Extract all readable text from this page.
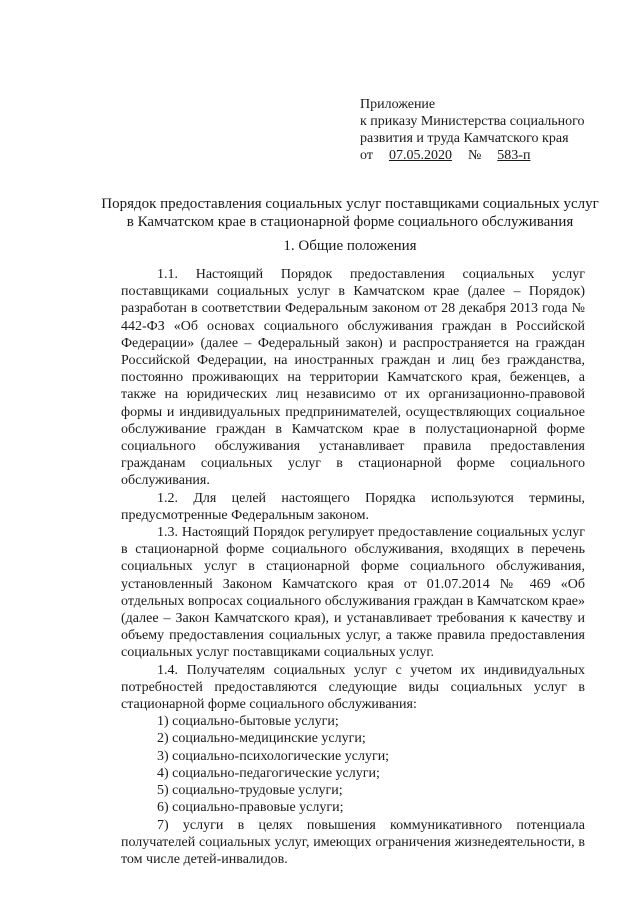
Приложение
к приказу Министерства социального
развития и труда Камчатского края
от 07.05.2020 № 583-п
Порядок предоставления социальных услуг поставщиками социальных услуг
в Камчатском крае в стационарной форме социального обслуживания
1. Общие положения

1.1. Настоящий Порядок предоставления социальных услуг поставщиками социальных услуг в Камчатском крае (далее – Порядок) разработан в соответствии Федеральным законом от 28 декабря 2013 года № 442-ФЗ «Об основах социального обслуживания граждан в Российской Федерации» (далее – Федеральный закон) и распространяется на граждан Российской Федерации, на иностранных граждан и лиц без гражданства, постоянно проживающих на территории Камчатского края, беженцев, а также на юридических лиц независимо от их организационно-правовой формы и индивидуальных предпринимателей, осуществляющих социальное обслуживание граждан в Камчатском крае в полустационарной форме социального обслуживания устанавливает правила предоставления гражданам социальных услуг в стационарной форме социального обслуживания.

1.2. Для целей настоящего Порядка используются термины, предусмотренные Федеральным законом.

1.3. Настоящий Порядок регулирует предоставление социальных услуг в стационарной форме социального обслуживания, входящих в перечень социальных услуг в стационарной форме социального обслуживания, установленный Законом Камчатского края от 01.07.2014 № 469 «Об отдельных вопросах социального обслуживания граждан в Камчатском крае» (далее – Закон Камчатского края), и устанавливает требования к качеству и объему предоставления социальных услуг, а также правила предоставления социальных услуг поставщиками социальных услуг.

1.4. Получателям социальных услуг с учетом их индивидуальных потребностей предоставляются следующие виды социальных услуг в стационарной форме социального обслуживания:

1) социально-бытовые услуги;
2) социально-медицинские услуги;
3) социально-психологические услуги;
4) социально-педагогические услуги;
5) социально-трудовые услуги;
6) социально-правовые услуги;

7) услуги в целях повышения коммуникативного потенциала получателей социальных услуг, имеющих ограничения жизнедеятельности, в том числе детей-инвалидов.
